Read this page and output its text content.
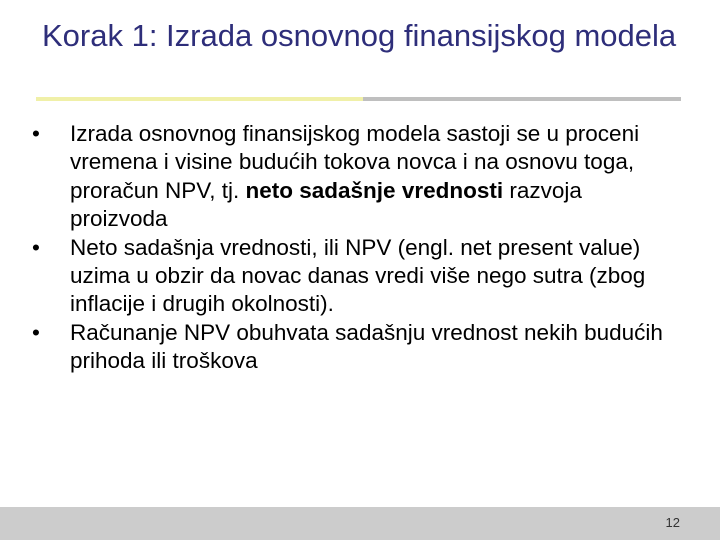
Korak 1: Izrada osnovnog finansijskog modela
• Izrada osnovnog finansijskog modela sastoji se u proceni vremena i visine budućih tokova novca i na osnovu toga, proračun NPV, tj. neto sadašnje vrednosti razvoja proizvoda
• Neto sadašnja vrednosti, ili NPV (engl. net present value) uzima u obzir da novac danas vredi više nego sutra (zbog inflacije i drugih okolnosti).
• Računanje NPV obuhvata sadašnju vrednost nekih budućih prihoda ili troškova
12
